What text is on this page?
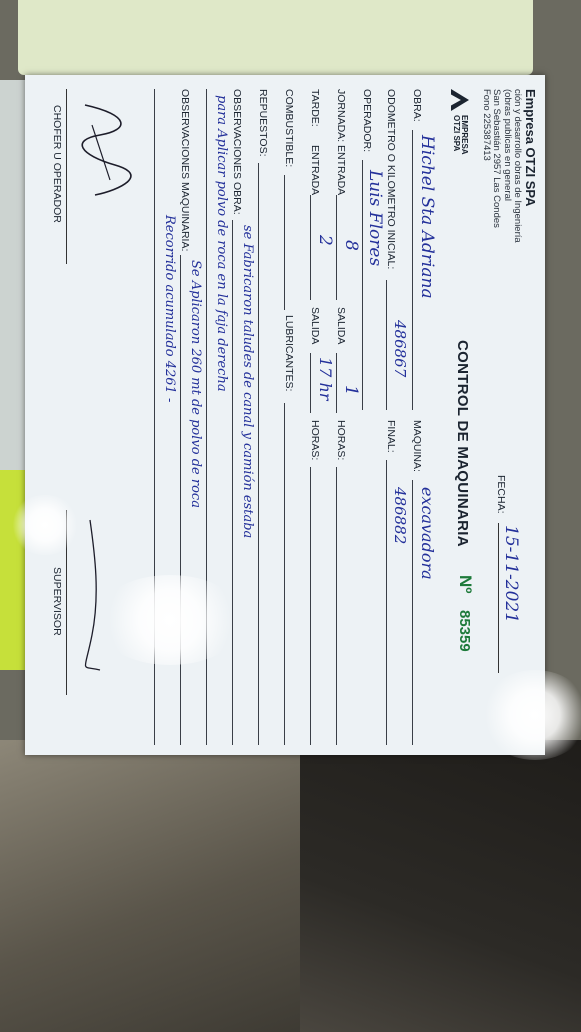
Empresa OTZI SPA
ción y desarrollo obras de Ingeniería
(obras publicas en general
San Sebastián 2957 Las Condes
Fono 225387413
EMPRESA
OTZI SPA
FECHA:
15-11-2021
CONTROL DE MAQUINARIA
Nº
85359
OBRA:
Hichel Sta Adriana
MAQUINA:
excavadora
ODOMETRO O KILOMETRO INICIAL:
486867
FINAL:
486882
OPERADOR:
Luis Flores
JORNADA:
ENTRADA
8
SALIDA
1
HORAS:
TARDE:
ENTRADA
2
SALIDA
17 hr
HORAS:
COMBUSTIBLE:
LUBRICANTES:
REPUESTOS:
OBSERVACIONES OBRA:
se Fabricaron taludes de canal y camión estaba
para Aplicar polvo de roca en la faja derecha
OBSERVACIONES MAQUINARIA:
Se Aplicaron 260 mt de polvo de roca
Recorrido acumulado 4261 -
CHOFER U OPERADOR
SUPERVISOR
